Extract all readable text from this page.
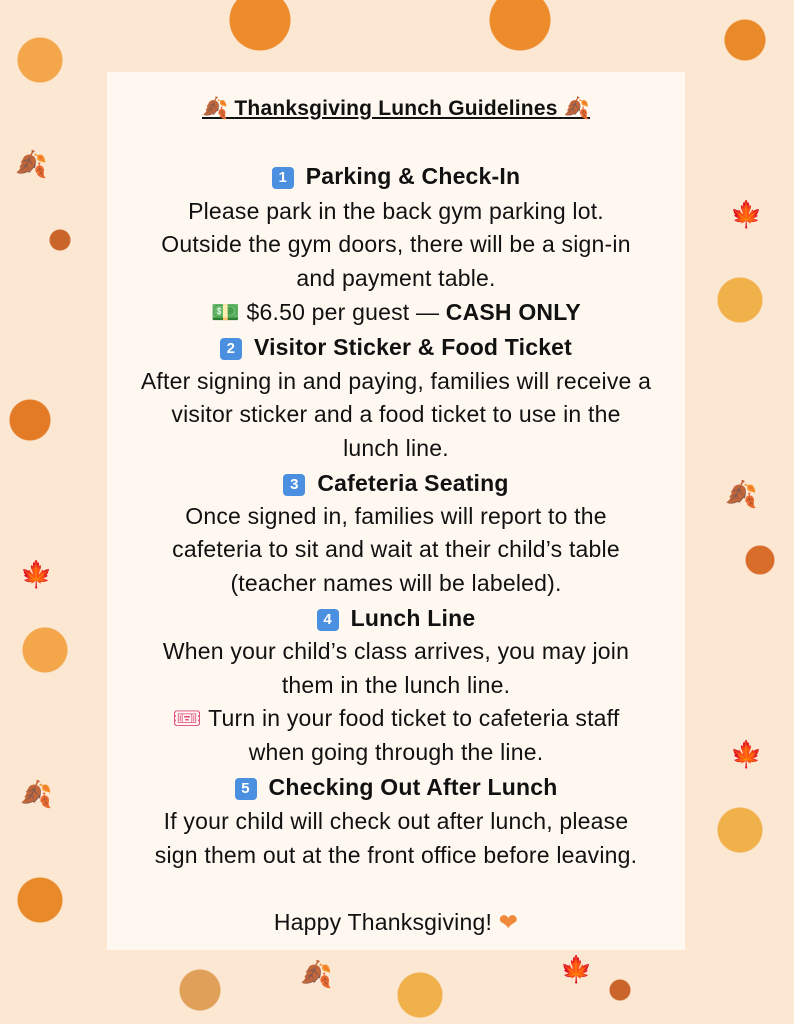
🍂
🍁
🍁
🍂
🍂
🍁
🍂	🍁
🍂 Thanksgiving Lunch Guidelines 🍂
1 Parking & Check-In
Please park in the back gym parking lot.
Outside the gym doors, there will be a sign-in
and payment table.
💵 $6.50 per guest — CASH ONLY
2 Visitor Sticker & Food Ticket
After signing in and paying, families will receive a
visitor sticker and a food ticket to use in the
lunch line.
3 Cafeteria Seating
Once signed in, families will report to the
cafeteria to sit and wait at their child’s table
(teacher names will be labeled).
4 Lunch Line
When your child’s class arrives, you may join
them in the lunch line.
🎟 Turn in your food ticket to cafeteria staff
when going through the line.
5 Checking Out After Lunch
If your child will check out after lunch, please
sign them out at the front office before leaving.
Happy Thanksgiving! ❤
